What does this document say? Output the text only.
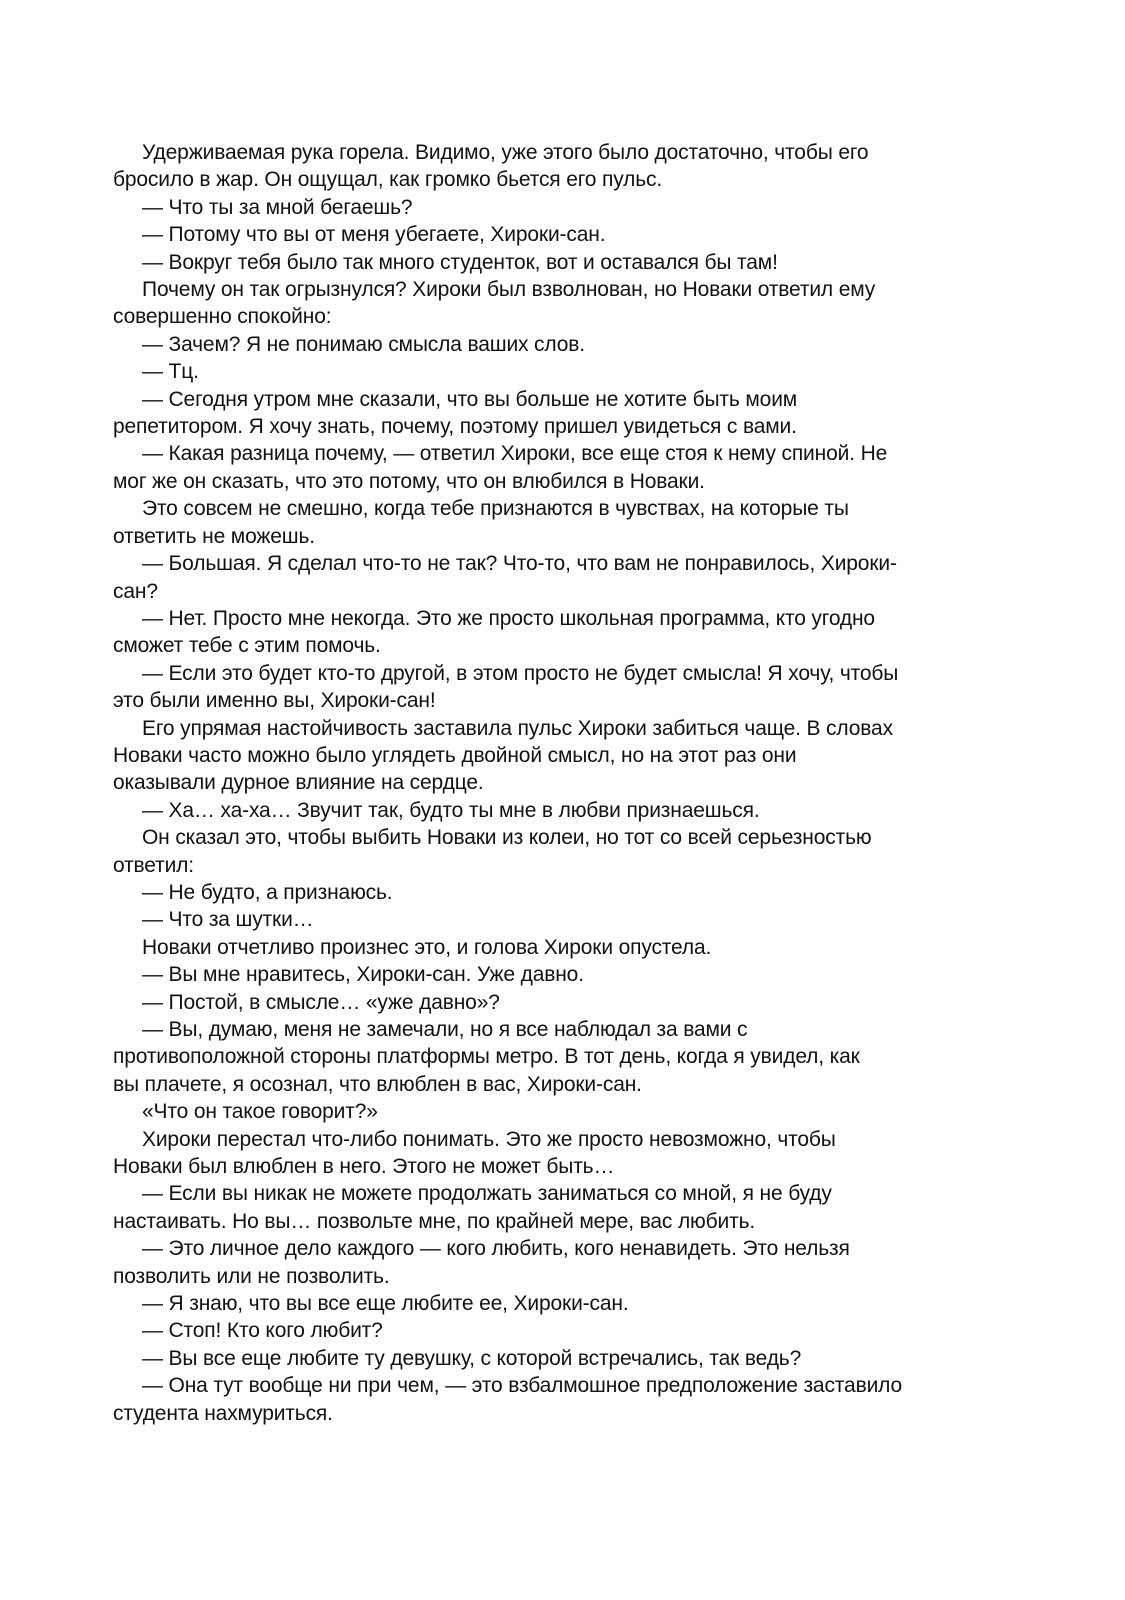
Удерживаемая рука горела. Видимо, уже этого было достаточно, чтобы его
бросило в жар. Он ощущал, как громко бьется его пульс.
— Что ты за мной бегаешь?
— Потому что вы от меня убегаете, Хироки-сан.
— Вокруг тебя было так много студенток, вот и оставался бы там!
Почему он так огрызнулся? Хироки был взволнован, но Новаки ответил ему
совершенно спокойно:
— Зачем? Я не понимаю смысла ваших слов.
— Тц.
— Сегодня утром мне сказали, что вы больше не хотите быть моим
репетитором. Я хочу знать, почему, поэтому пришел увидеться с вами.
— Какая разница почему, — ответил Хироки, все еще стоя к нему спиной. Не
мог же он сказать, что это потому, что он влюбился в Новаки.
Это совсем не смешно, когда тебе признаются в чувствах, на которые ты
ответить не можешь.
— Большая. Я сделал что-то не так? Что-то, что вам не понравилось, Хироки-
сан?
— Нет. Просто мне некогда. Это же просто школьная программа, кто угодно
сможет тебе с этим помочь.
— Если это будет кто-то другой, в этом просто не будет смысла! Я хочу, чтобы
это были именно вы, Хироки-сан!
Его упрямая настойчивость заставила пульс Хироки забиться чаще. В словах
Новаки часто можно было углядеть двойной смысл, но на этот раз они
оказывали дурное влияние на сердце.
— Ха… ха-ха… Звучит так, будто ты мне в любви признаешься.
Он сказал это, чтобы выбить Новаки из колеи, но тот со всей серьезностью
ответил:
— Не будто, а признаюсь.
— Что за шутки…
Новаки отчетливо произнес это, и голова Хироки опустела.
— Вы мне нравитесь, Хироки-сан. Уже давно.
— Постой, в смысле… «уже давно»?
— Вы, думаю, меня не замечали, но я все наблюдал за вами с
противоположной стороны платформы метро. В тот день, когда я увидел, как
вы плачете, я осознал, что влюблен в вас, Хироки-сан.
«Что он такое говорит?»
Хироки перестал что-либо понимать. Это же просто невозможно, чтобы
Новаки был влюблен в него. Этого не может быть…
— Если вы никак не можете продолжать заниматься со мной, я не буду
настаивать. Но вы… позвольте мне, по крайней мере, вас любить.
— Это личное дело каждого — кого любить, кого ненавидеть. Это нельзя
позволить или не позволить.
— Я знаю, что вы все еще любите ее, Хироки-сан.
— Стоп! Кто кого любит?
— Вы все еще любите ту девушку, с которой встречались, так ведь?
— Она тут вообще ни при чем, — это взбалмошное предположение заставило
студента нахмуриться.
